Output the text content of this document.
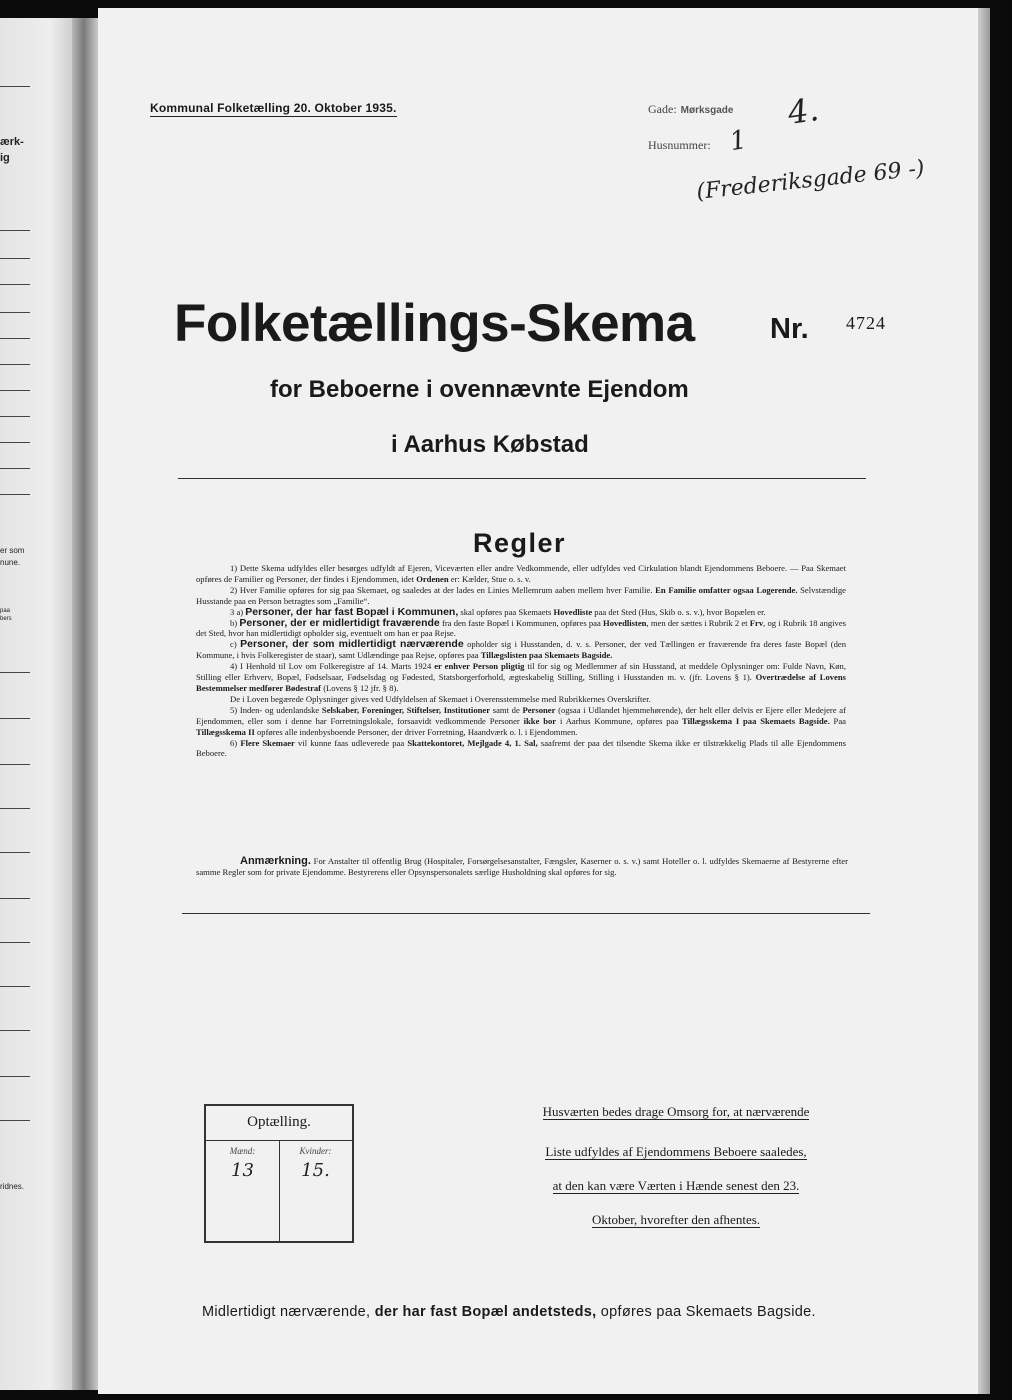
ærk-
ig
er som
nune.
paa
bers
ridnes.
Kommunal Folketælling 20. Oktober 1935.	Gade: Mørksgade 4.
Husnummer: 1
(Frederiksgade 69 -)
Folketællings-Skema	Nr. 4724
for Beboerne i ovennævnte Ejendom
i Aarhus Købstad
Regler

1) Dette Skema udfyldes eller besørges udfyldt af Ejeren, Viceværten eller andre Vedkommende, eller udfyldes ved Cirkulation blandt Ejendommens Beboere. — Paa Skemaet opføres de Familier og Personer, der findes i Ejendommen, idet Ordenen er: Kælder, Stue o. s. v.

2) Hver Familie opføres for sig paa Skemaet, og saaledes at der lades en Linies Mellemrum aaben mellem hver Familie. En Familie omfatter ogsaa Logerende. Selvstændige Husstande paa en Person betragtes som „Familie“.

3 a) Personer, der har fast Bopæl i Kommunen, skal opføres paa Skemaets Hovedliste paa det Sted (Hus, Skib o. s. v.), hvor Bopælen er.

b) Personer, der er midlertidigt fraværende fra den faste Bopæl i Kommunen, opføres paa Hovedlisten, men der sættes i Rubrik 2 et Frv, og i Rubrik 18 angives det Sted, hvor han midlertidigt opholder sig, eventuelt om han er paa Rejse.

c) Personer, der som midlertidigt nærværende opholder sig i Husstanden, d. v. s. Personer, der ved Tællingen er fraværende fra deres faste Bopæl (den Kommune, i hvis Folkeregister de staar), samt Udlændinge paa Rejse, opføres paa Tillægslisten paa Skemaets Bagside.

4) I Henhold til Lov om Folkeregistre af 14. Marts 1924 er enhver Person pligtig til for sig og Medlemmer af sin Husstand, at meddele Oplysninger om: Fulde Navn, Køn, Stilling eller Erhverv, Bopæl, Fødselsaar, Fødselsdag og Fødested, Statsborgerforhold, ægteskabelig Stilling, Stilling i Husstanden m. v. (jfr. Lovens § 1). Overtrædelse af Lovens Bestemmelser medfører Bødestraf (Lovens § 12 jfr. § 8).

De i Loven begærede Oplysninger gives ved Udfyldelsen af Skemaet i Overensstemmelse med Rubrikkernes Overskrifter.

5) Inden- og udenlandske Selskaber, Foreninger, Stiftelser, Institutioner samt de Personer (ogsaa i Udlandet hjemmehørende), der helt eller delvis er Ejere eller Medejere af Ejendommen, eller som i denne har Forretningslokale, forsaavidt vedkommende Personer ikke bor i Aarhus Kommune, opføres paa Tillægsskema I paa Skemaets Bagside. Paa Tillægsskema II opføres alle indenbysboende Personer, der driver Forretning, Haandværk o. l. i Ejendommen.

6) Flere Skemaer vil kunne faas udleverede paa Skattekontoret, Mejlgade 4, 1. Sal, saafremt der paa det tilsendte Skema ikke er tilstrækkelig Plads til alle Ejendommens Beboere.

Anmærkning. For Anstalter til offentlig Brug (Hospitaler, Forsørgelsesanstalter, Fængsler, Kaserner o. s. v.) samt Hoteller o. l. udfyldes Skemaerne af Bestyrerne efter samme Regler som for private Ejendomme. Bestyrerens eller Opsynspersonalets særlige Husholdning skal opføres for sig.
Optælling.
Mænd:	Kvinder:
13	15.
Husværten bedes drage Omsorg for, at nærværende
Liste udfyldes af Ejendommens Beboere saaledes,
at den kan være Værten i Hænde senest den 23.
Oktober, hvorefter den afhentes.
Midlertidigt nærværende, der har fast Bopæl andetsteds, opføres paa Skemaets Bagside.
